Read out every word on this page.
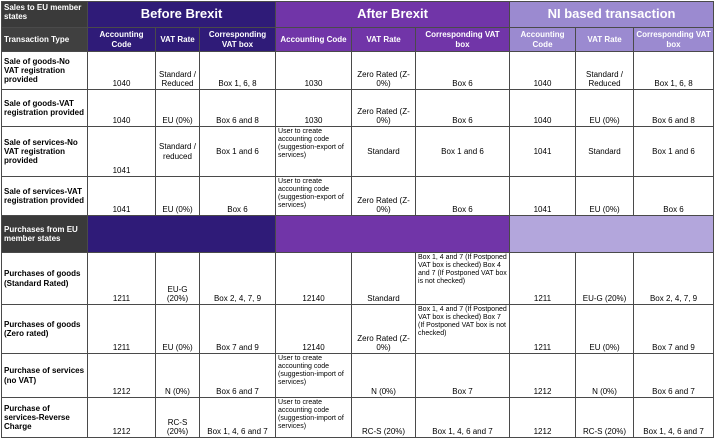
Sales to EU member states	Before Brexit			After Brexit			NI based transaction		
Transaction Type	Accounting Code	VAT Rate	Corresponding VAT box	Accounting Code	VAT Rate	Corresponding VAT box	Accounting Code	VAT Rate	Corresponding VAT box
Sale of goods-No VAT registration provided	1040	Standard / Reduced	Box 1, 6, 8	1030	Zero Rated (Z-0%)	Box 6	1040	Standard / Reduced	Box 1, 6, 8
Sale of goods-VAT registration provided	1040	EU (0%)	Box 6 and 8	1030	Zero Rated (Z-0%)	Box 6	1040	EU (0%)	Box 6 and 8
Sale of services-No VAT registration provided	1041	Standard / reduced	Box 1 and 6	User to create accounting code (suggestion-export of services)	Standard	Box 1 and 6	1041	Standard	Box 1 and 6
Sale of services-VAT registration provided	1041	EU (0%)	Box 6	User to create accounting code (suggestion-export of services)	Zero Rated (Z-0%)	Box 6	1041	EU (0%)	Box 6
Purchases from EU member states									
Purchases of goods (Standard Rated)	1211	EU-G (20%)	Box 2, 4, 7, 9	12140	Standard	Box 1, 4 and 7 (If Postponed VAT box is checked) Box 4 and 7 (If Postponed VAT box is not checked)	1211	EU-G (20%)	Box 2, 4, 7, 9
Purchases of goods (Zero rated)	1211	EU (0%)	Box 7 and 9	12140	Zero Rated (Z-0%)	Box 1, 4 and 7 (If Postponed VAT box is checked) Box 7 (If Postponed VAT box is not checked)	1211	EU (0%)	Box 7 and 9
Purchase of services (no VAT)	1212	N (0%)	Box 6 and 7	User to create accounting code (suggestion-import of services)	N (0%)	Box 7	1212	N (0%)	Box 6 and 7
Purchase of services-Reverse Charge	1212	RC-S (20%)	Box 1, 4, 6 and 7	User to create accounting code (suggestion-import of services)	RC-S (20%)	Box 1, 4, 6 and 7	1212	RC-S (20%)	Box 1, 4, 6 and 7
